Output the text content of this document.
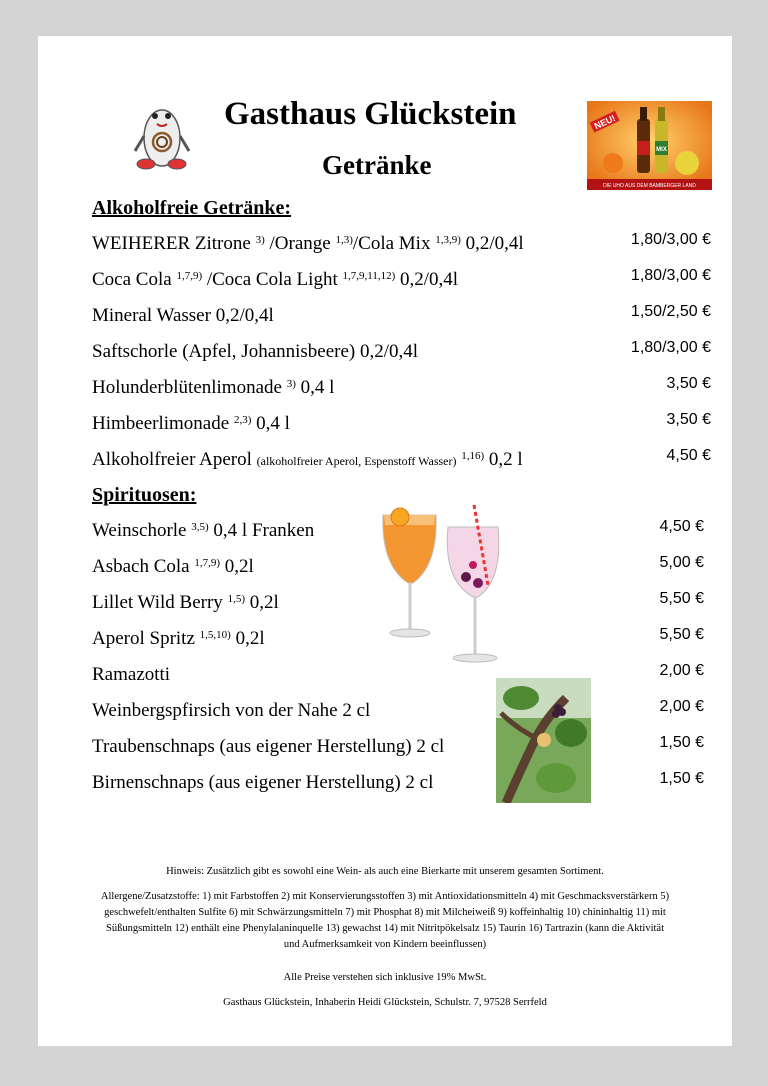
Gasthaus Glückstein
Getränke
NEU!
MIX
DIE UHO AUS DEM BAMBERGER LAND
Alkoholfreie Getränke:
WEIHERER Zitrone $^{3)}$ /Orange $^{1,3)}$/Cola Mix $^{1,3,9)}$ 0,2/0,4l	1,80/3,00 €
Coca Cola $^{1,7,9)}$ /Coca Cola Light $^{1,7,9,11,12)}$ 0,2/0,4l	1,80/3,00 €
Mineral Wasser 0,2/0,4l	1,50/2,50 €
Saftschorle (Apfel, Johannisbeere) 0,2/0,4l	1,80/3,00 €
Holunderblütenlimonade $^{3)}$ 0,4 l	3,50 €
Himbeerlimonade $^{2,3)}$ 0,4 l	3,50 €
Alkoholfreier Aperol (alkoholfreier Aperol, Espenstoff Wasser) $^{1,16)}$ 0,2 l	4,50 €
Spirituosen:
Weinschorle $^{3,5)}$ 0,4 l Franken	4,50 €
Asbach Cola $^{1,7,9)}$ 0,2l	5,00 €
Lillet Wild Berry $^{1,5)}$ 0,2l	5,50 €
Aperol Spritz $^{1,5,10)}$ 0,2l	5,50 €
Ramazotti	2,00 €
Weinbergspfirsich von der Nahe 2 cl	2,00 €
Traubenschnaps (aus eigener Herstellung) 2 cl	1,50 €
Birnenschnaps (aus eigener Herstellung) 2 cl	1,50 €
Hinweis: Zusätzlich gibt es sowohl eine Wein- als auch eine Bierkarte mit unserem gesamten Sortiment.
Allergene/Zusatzstoffe: 1) mit Farbstoffen 2) mit Konservierungsstoffen 3) mit Antioxidationsmitteln 4) mit Geschmacksverstärkern 5) geschwefelt/enthalten Sulfite 6) mit Schwärzungsmitteln 7) mit Phosphat 8) mit Milcheiweiß 9) koffeinhaltig 10) chininhaltig 11) mit Süßungsmitteln 12) enthält eine Phenylalaninquelle 13) gewachst 14) mit Nitritpökelsalz 15) Taurin 16) Tartrazin (kann die Aktivität und Aufmerksamkeit von Kindern beeinflussen)
Alle Preise verstehen sich inklusive 19% MwSt.
Gasthaus Glückstein, Inhaberin Heidi Glückstein, Schulstr. 7, 97528 Serrfeld
